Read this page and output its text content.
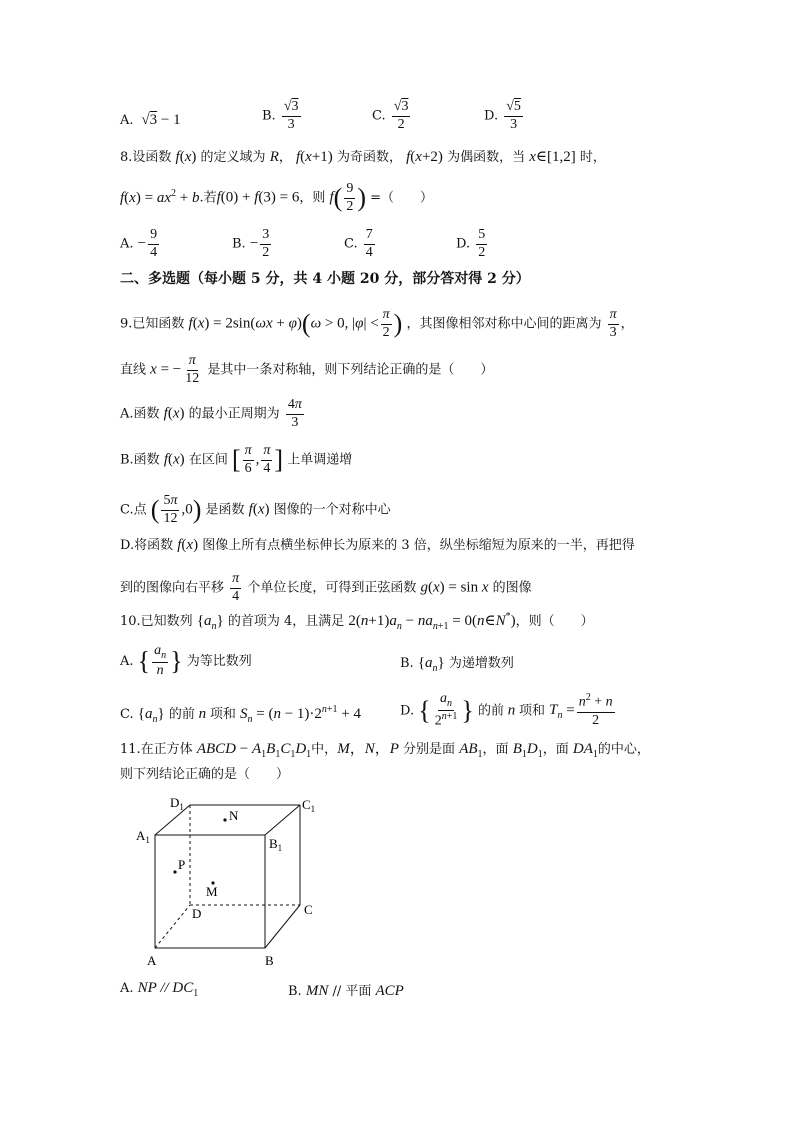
A.  √3 − 1	B. $\frac{√3}{3}$	C. $\frac{√3}{2}$	D. $\frac{√5}{3}$
8.设函数 f(x) 的定义域为 R， f(x+1) 为奇函数， f(x+2) 为偶函数，当 x∈[1,2] 时，
$f(x) = ax^2 + b$.若f(0) + f(3) = 6，则 $f( \frac{9}{2}$ ) =（　　）
A. − $\frac{9}{4}$	B. − $\frac{3}{2}$	C. $\frac{7}{4}$	D. $\frac{5}{2}$
二、多选题（每小题 5 分，共 4 小题 20 分，部分答对得 2 分）
9.已知函数 f(x) = 2sin(ωx + φ)(ω > 0, $|\varphi| < \frac{\pi}{2}$ ) ，其图像相邻对称中心间的距离为 $\frac{\pi}{3}$ ，
直线 x = − $\frac{\pi}{12}$ 是其中一条对称轴，则下列结论正确的是（　　）
A.函数 f(x) 的最小正周期为 $\frac{4\pi}{3}$
B.函数 f(x) 在区间 [ $\frac{\pi}{6}$ , $\frac{\pi}{4}$ ] 上单调递增
C.点 ( $\frac{5\pi}{12} ,0$) 是函数 f(x) 图像的一个对称中心
D.将函数 f(x) 图像上所有点横坐标伸长为原来的 3 倍，纵坐标缩短为原来的一半，再把得
到的图像向右平移 $\frac{\pi}{4}$ 个单位长度，可得到正弦函数 g(x) = sin x 的图像
10.已知数列 $\{a_n\}$ 的首项为 4，且满足 $2(n+1)a_n - na_{n+1}$ = 0(n∈N*)，则（　　）
A. { $\frac{a_n}{n}$ } 为等比数列	B. $\{a_n\}$ 为递增数列
C. $\{a_n\}$ 的前 n 项和 $S_n = (n - 1)\cdot 2^{n+1} + 4$	D. { $\frac{a_n}{2^{n+1}}$ } 的前 n 项和 $T_n = \frac{n^2 + n}{2}$
11.在正方体 ABCD − $A_1B_1C_1D_1$中，M，N，P 分别是面 $AB_1$，面 $B_1D_1$，面 $DA_1$的中心，
则下列结论正确的是（　　）
$D_1$	$C_1$
$A_1$	$B_1$
N
P
M
D	C
A	B
A. NP // $DC_1$	B. MN // 平面 ACP
